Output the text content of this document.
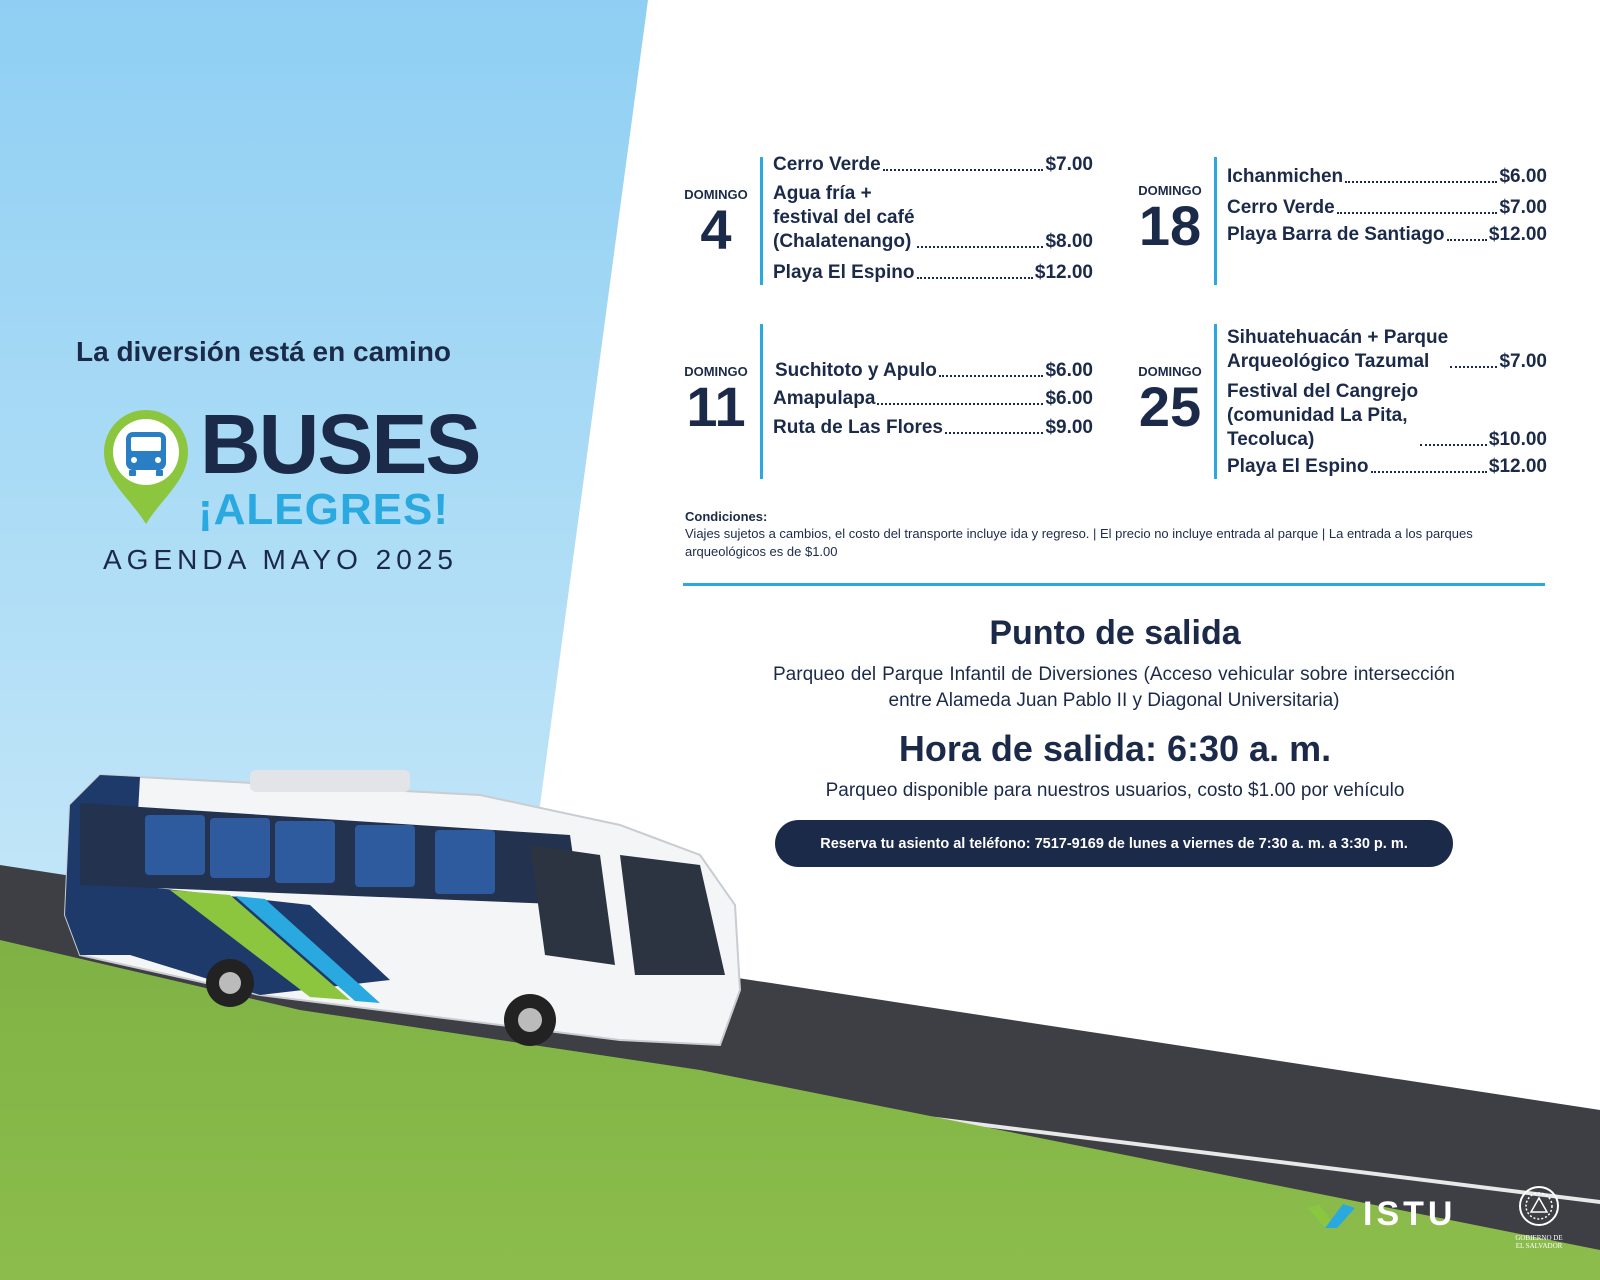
La diversión está en camino
BUSES
¡ALEGRES!
AGENDA MAYO 2025
DOMINGO
4
Cerro Verde	$7.00
Agua fría +
festival del café
(Chalatenango)	$8.00
Playa El Espino	$12.00
DOMINGO
18
Ichanmichen	$6.00
Cerro Verde	$7.00
Playa Barra de Santiago $12.00
DOMINGO
11
Suchitoto y Apulo	$6.00
Amapulapa	$6.00
Ruta de Las Flores	$9.00
DOMINGO
25
Sihuatehuacán + Parque
Arqueológico Tazumal	$7.00
Festival del Cangrejo
(comunidad La Pita,
Tecoluca)	$10.00
Playa El Espino	$12.00
Condiciones:
Viajes sujetos a cambios, el costo del transporte incluye ida y regreso. | El precio no incluye entrada al parque | La entrada a los parques arqueológicos es de $1.00
Punto de salida
Parqueo del Parque Infantil de Diversiones (Acceso vehicular sobre intersección entre Alameda Juan Pablo II y Diagonal Universitaria)
Hora de salida: 6:30 a. m.
Parqueo disponible para nuestros usuarios, costo $1.00 por vehículo
Reserva tu asiento al teléfono: 7517-9169 de lunes a viernes de 7:30 a. m. a 3:30 p. m.
ISTU
GOBIERNO DE
EL SALVADOR
